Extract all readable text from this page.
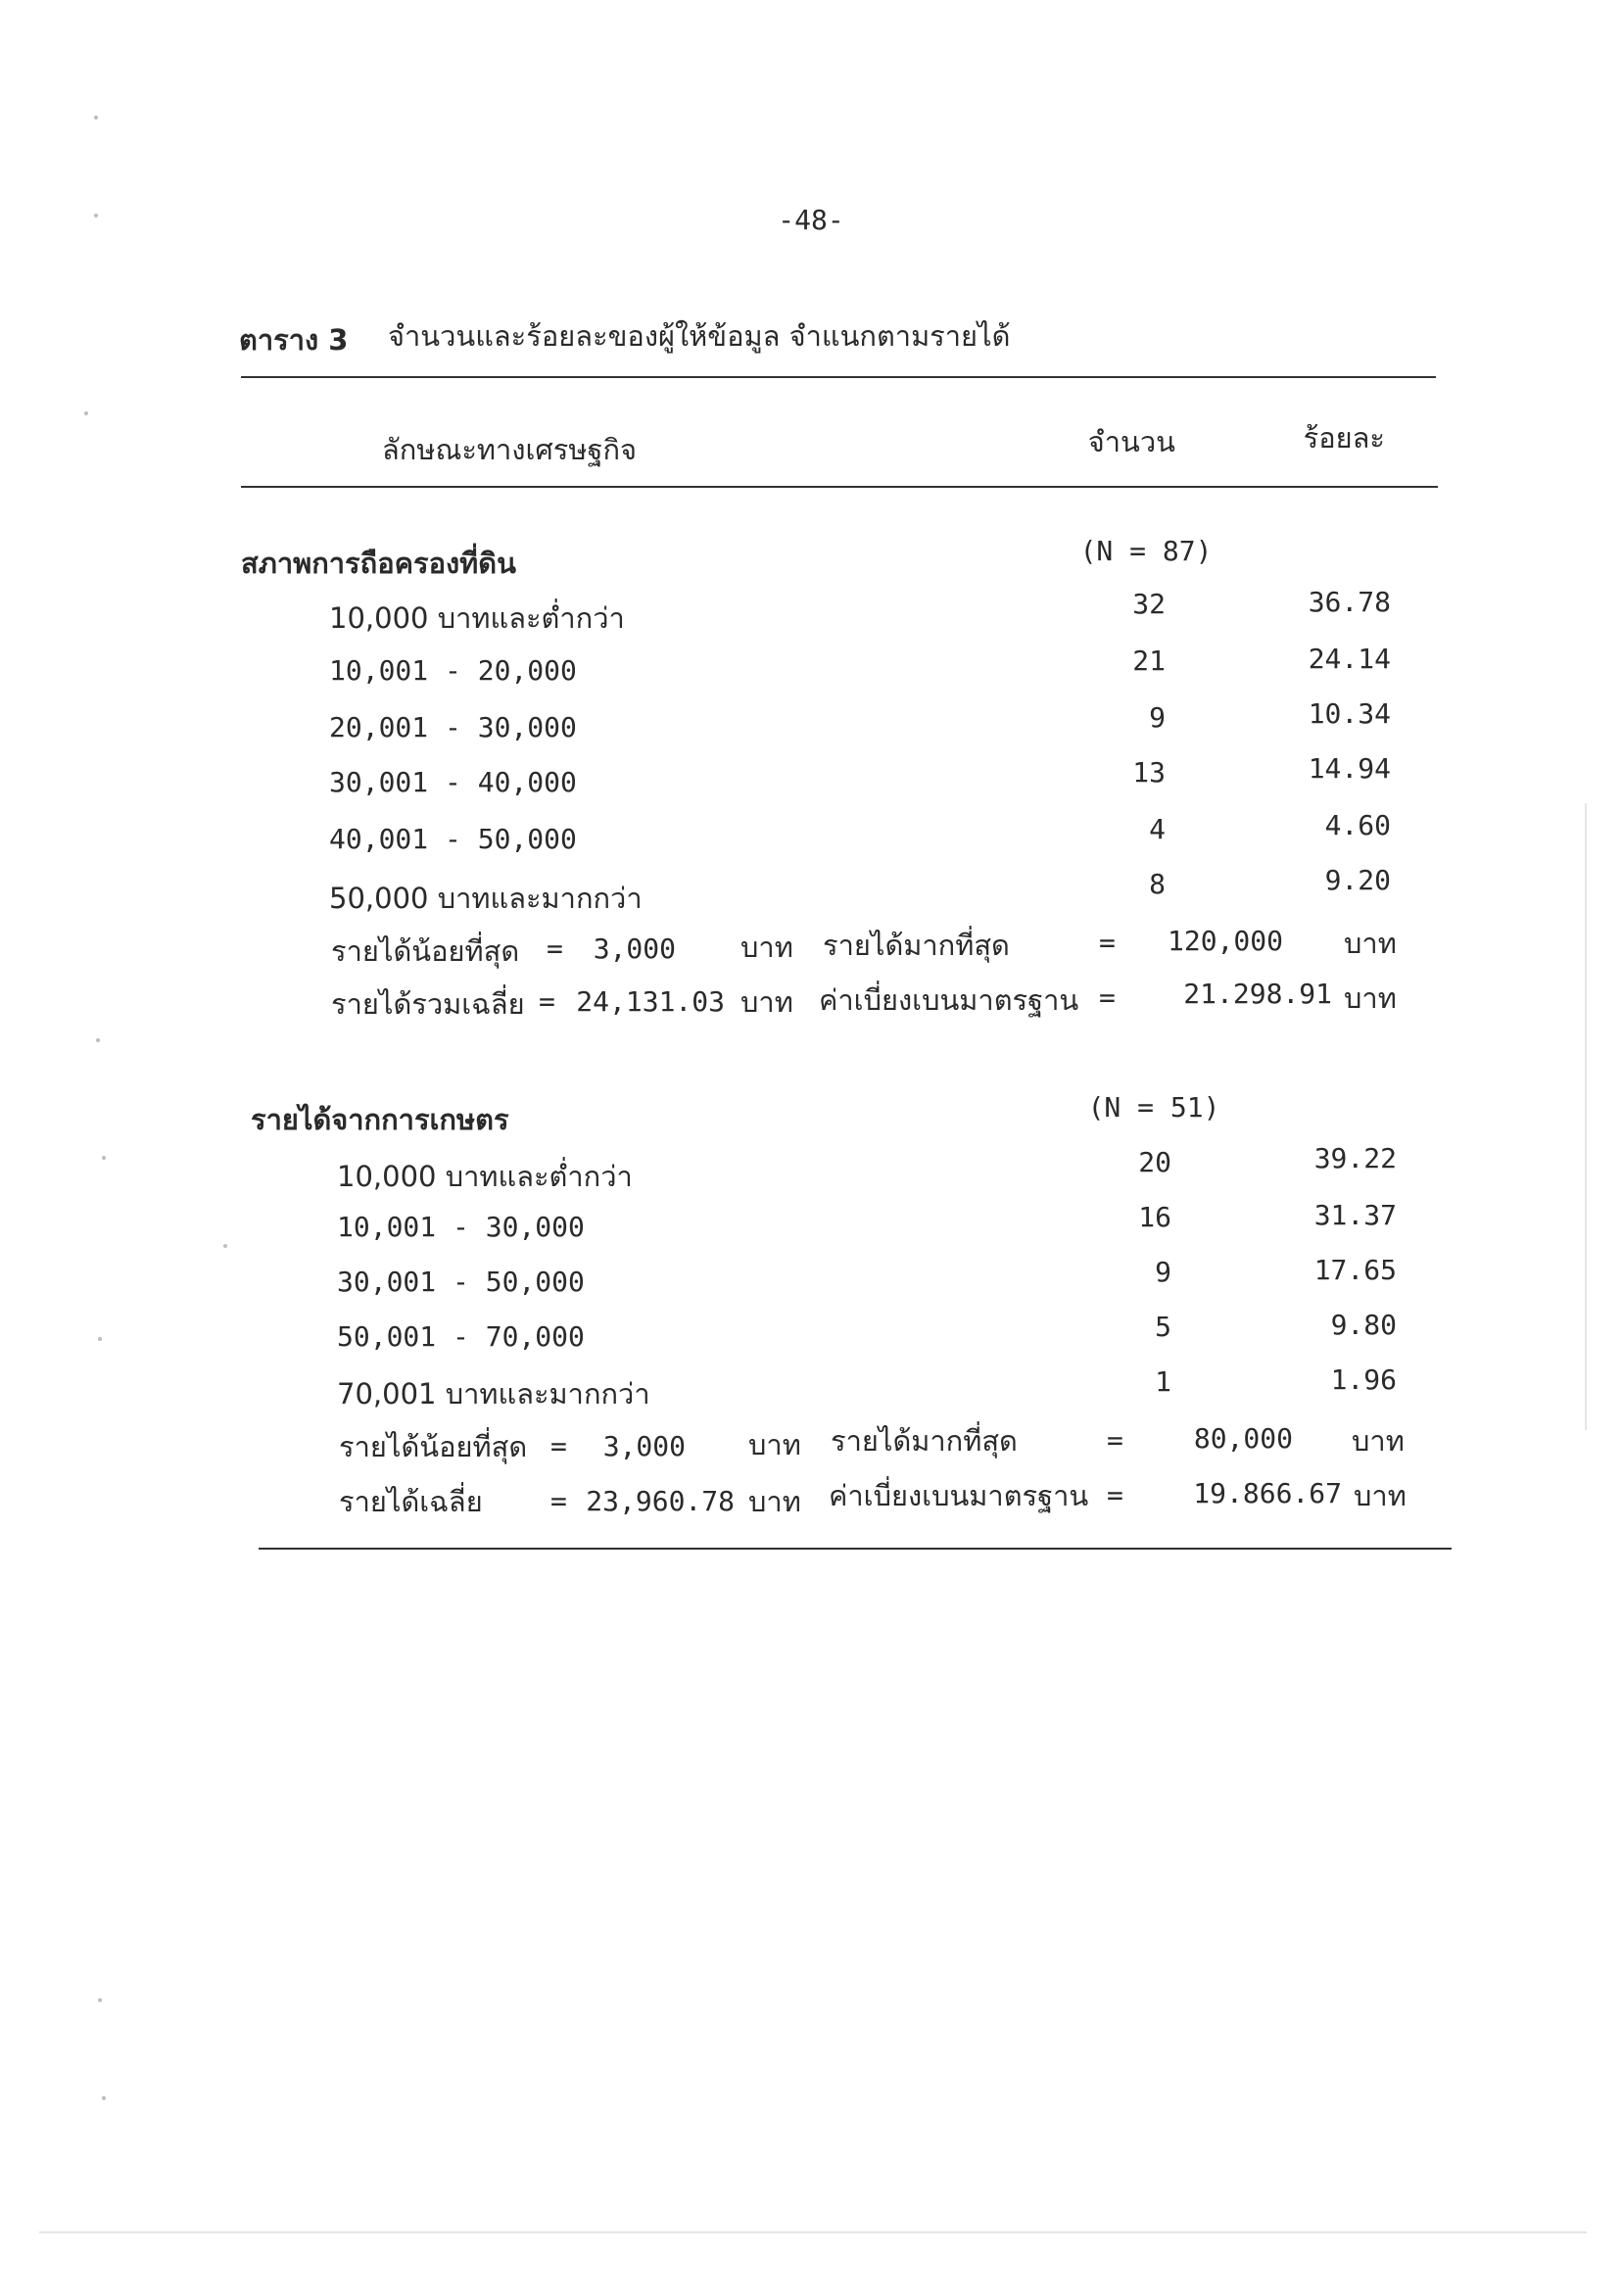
-48-
ตาราง 3 จำนวนและร้อยละของผู้ให้ข้อมูล จำแนกตามรายได้
ลักษณะทางเศรษฐกิจ	จำนวน	ร้อยละ
สภาพการถือครองที่ดิน	(N = 87)
10,000 บาทและต่ำกว่า	32	36.78
10,001 - 20,000	21	24.14
20,001 - 30,000	9	10.34
30,001 - 40,000	13	14.94
40,001 - 50,000	4	4.60
50,000 บาทและมากกว่า	8	9.20
รายได้น้อยที่สุด =	3,000 บาท รายได้มากที่สุด	=	120,000 บาท
รายได้รวมเฉลี่ย = 24,131.03 บาท ค่าเบี่ยงเบนมาตรฐาน =	21.298.91 บาท
รายได้จากการเกษตร	(N = 51)
10,000 บาทและต่ำกว่า	20	39.22
10,001 - 30,000	16	31.37
30,001 - 50,000	9	17.65
50,001 - 70,000	5	9.80
70,001 บาทและมากกว่า	1	1.96
รายได้น้อยที่สุด =	3,000 บาท รายได้มากที่สุด	=	80,000 บาท
รายได้เฉลี่ย = 23,960.78 บาท ค่าเบี่ยงเบนมาตรฐาน =	19.866.67 บาท
